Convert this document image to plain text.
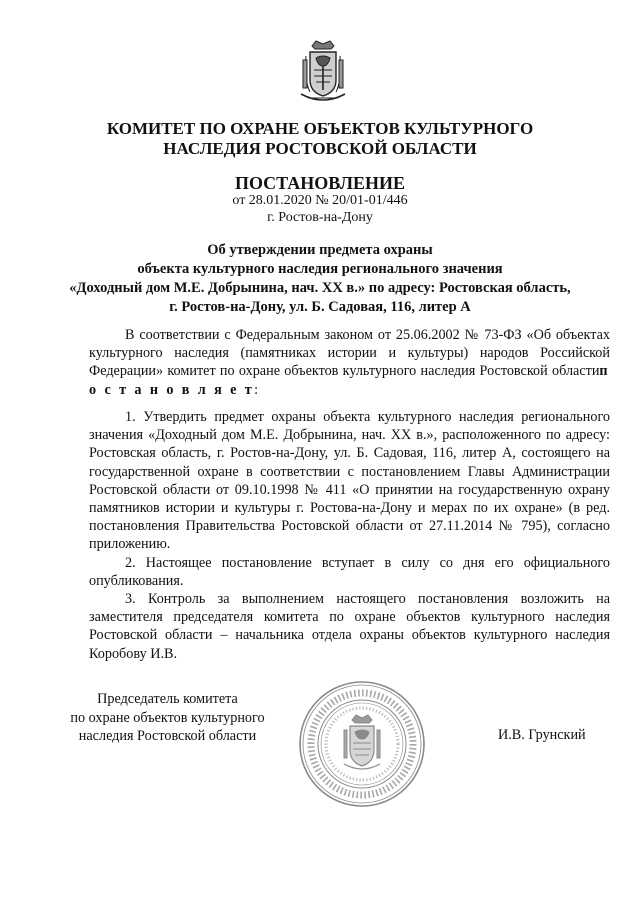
КОМИТЕТ ПО ОХРАНЕ ОБЪЕКТОВ КУЛЬТУРНОГО
НАСЛЕДИЯ РОСТОВСКОЙ ОБЛАСТИ
ПОСТАНОВЛЕНИЕ
от 28.01.2020 № 20/01-01/446
г. Ростов-на-Дону
Об утверждении предмета охраны
объекта культурного наследия регионального значения
«Доходный дом М.Е. Добрынина, нач. XX в.» по адресу: Ростовская область,
г. Ростов-на-Дону, ул. Б. Садовая, 116, литер А
В соответствии с Федеральным законом от 25.06.2002 № 73-ФЗ «Об объектах культурного наследия (памятниках истории и культуры) народов Российской Федерации» комитет по охране объектов культурного наследия Ростовской областип о с т а н о в л я е т:
1. Утвердить предмет охраны объекта культурного наследия регионального значения «Доходный дом М.Е. Добрынина, нач. XX в.», расположенного по адресу: Ростовская область, г. Ростов-на-Дону, ул. Б. Садовая, 116, литер А, состоящего на государственной охране в соответствии с постановлением Главы Администрации Ростовской области от 09.10.1998 № 411 «О принятии на государственную охрану памятников истории и культуры г. Ростова-на-Дону и мерах по их охране» (в ред. постановления Правительства Ростовской области от 27.11.2014 № 795), согласно приложению.
2. Настоящее постановление вступает в силу со дня его официального опубликования.
3. Контроль за выполнением настоящего постановления возложить на заместителя председателя комитета по охране объектов культурного наследия Ростовской области – начальника отдела охраны объектов культурного наследия Коробову И.В.
Председатель комитета
по охране объектов культурного
наследия Ростовской области	И.В. Грунский
